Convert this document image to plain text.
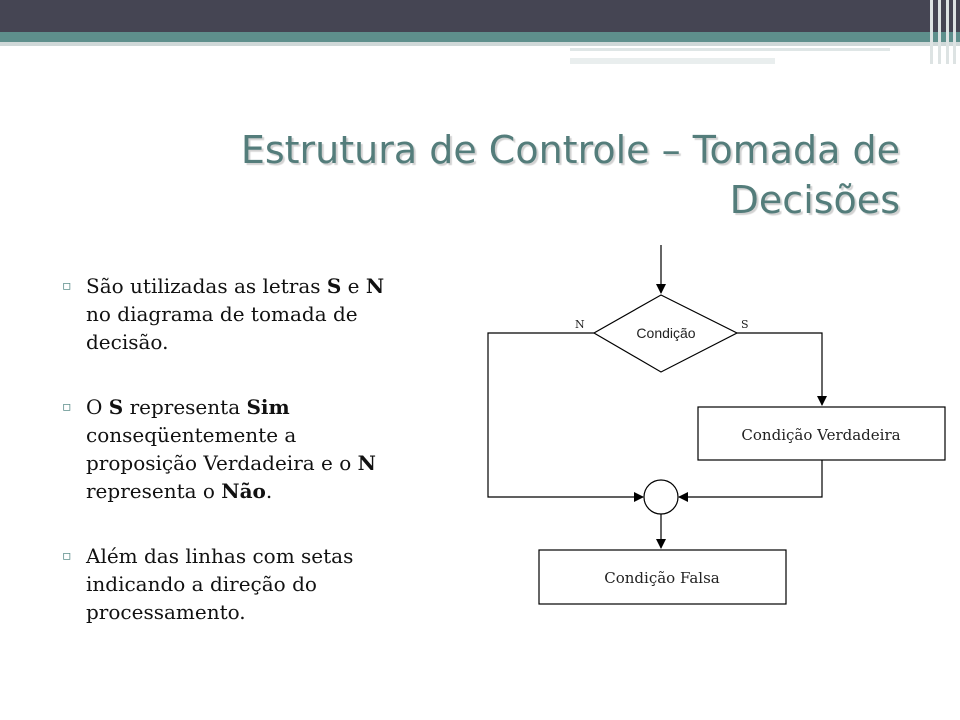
Estrutura de Controle – Tomada de Decisões
▫ São utilizadas as letras S e N no diagrama de tomada de decisão.
▫ O S representa Sim conseqüentemente a proposição Verdadeira e o N representa o Não.
▫ Além das linhas com setas indicando a direção do processamento.
Condição
S
N
Condição Verdadeira
Condição Falsa
